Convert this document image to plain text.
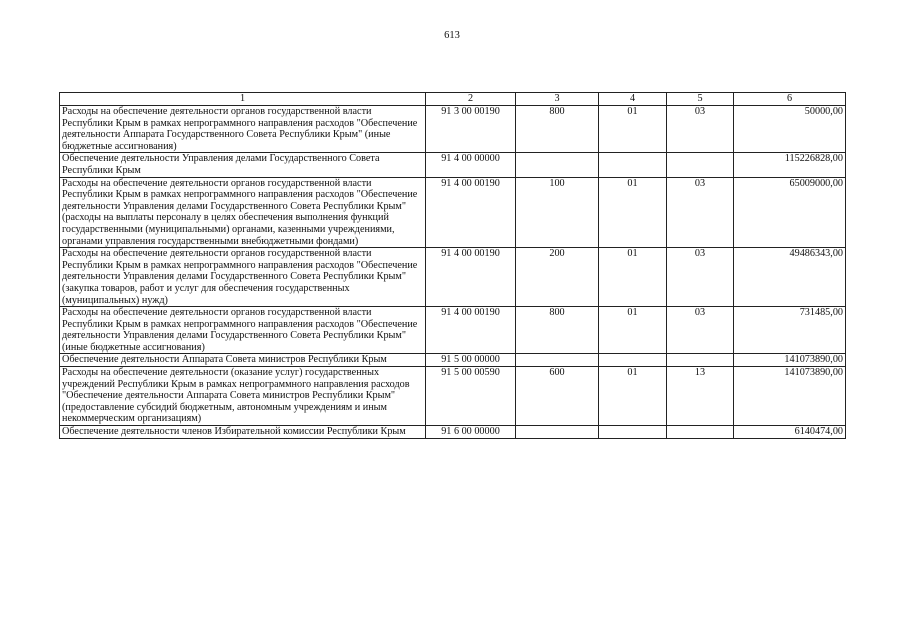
613
1	2	3	4	5	6
Расходы на обеспечение деятельности органов государственной власти Республики Крым в рамках непрограммного направления расходов "Обеспечение деятельности Аппарата Государственного Совета Республики Крым" (иные бюджетные ассигнования)	91 3 00 00190	800	01	03	50000,00
Обеспечение деятельности Управления делами Государственного Совета Республики Крым	91 4 00 00000				115226828,00
Расходы на обеспечение деятельности органов государственной власти Республики Крым в рамках непрограммного направления расходов "Обеспечение деятельности Управления делами Государственного Совета Республики Крым" (расходы на выплаты персоналу в целях обеспечения выполнения функций государственными (муниципальными) органами, казенными учреждениями, органами управления государственными внебюджетными фондами)	91 4 00 00190	100	01	03	65009000,00
Расходы на обеспечение деятельности органов государственной власти Республики Крым в рамках непрограммного направления расходов "Обеспечение деятельности Управления делами Государственного Совета Республики Крым" (закупка товаров, работ и услуг для обеспечения государственных (муниципальных) нужд)	91 4 00 00190	200	01	03	49486343,00
Расходы на обеспечение деятельности органов государственной власти Республики Крым в рамках непрограммного направления расходов "Обеспечение деятельности Управления делами Государственного Совета Республики Крым" (иные бюджетные ассигнования)	91 4 00 00190	800	01	03	731485,00
Обеспечение деятельности Аппарата Совета министров Республики Крым	91 5 00 00000				141073890,00
Расходы на обеспечение деятельности (оказание услуг) государственных учреждений Республики Крым в рамках непрограммного направления расходов "Обеспечение деятельности Аппарата Совета министров Республики Крым" (предоставление субсидий бюджетным, автономным учреждениям и иным некоммерческим организациям)	91 5 00 00590	600	01	13	141073890,00
Обеспечение деятельности членов Избирательной комиссии Республики Крым	91 6 00 00000				6140474,00
